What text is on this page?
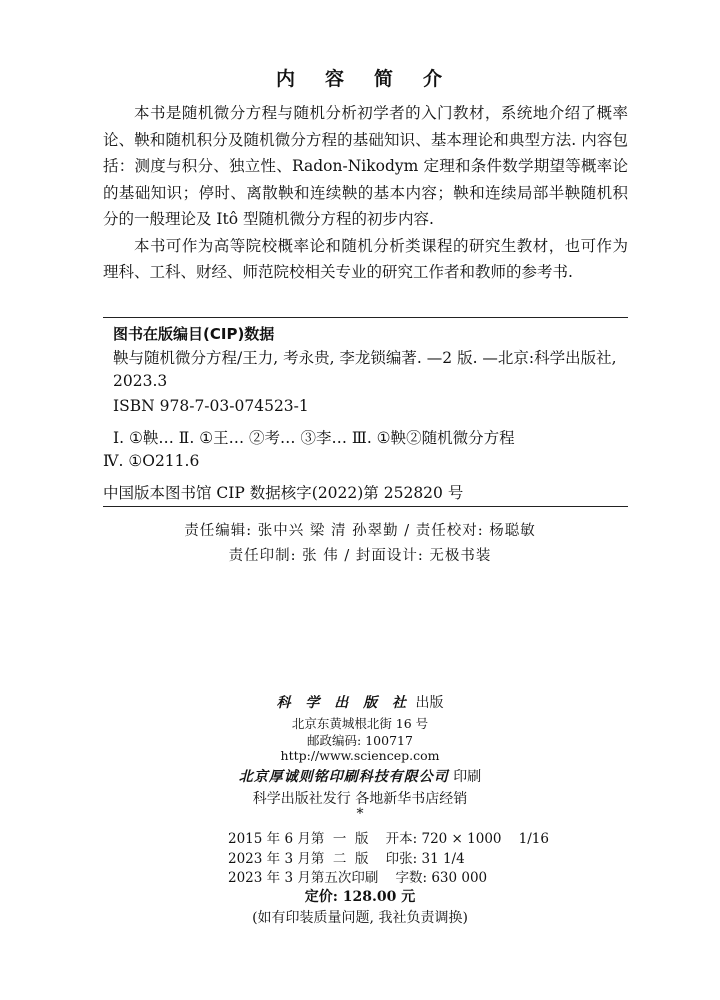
内 容 简 介

本书是随机微分方程与随机分析初学者的入门教材，系统地介绍了概率论、鞅和随机积分及随机微分方程的基础知识、基本理论和典型方法. 内容包括：测度与积分、独立性、Radon-Nikodym 定理和条件数学期望等概率论的基础知识；停时、离散鞅和连续鞅的基本内容；鞅和连续局部半鞅随机积分的一般理论及 Itô 型随机微分方程的初步内容.

本书可作为高等院校概率论和随机分析类课程的研究生教材，也可作为理科、工科、财经、师范院校相关专业的研究工作者和教师的参考书.

图书在版编目(CIP)数据
鞅与随机微分方程/王力, 考永贵, 李龙锁编著. —2 版. —北京:科学出版社,
2023.3
ISBN 978-7-03-074523-1
Ⅰ. ①鞅… Ⅱ. ①王… ②考… ③李… Ⅲ. ①鞅②随机微分方程
Ⅳ. ①O211.6
中国版本图书馆 CIP 数据核字(2022)第 252820 号
责任编辑: 张中兴 梁 清 孙翠勤 / 责任校对: 杨聪敏
责任印制: 张 伟 / 封面设计: 无极书装
科 学 出 版 社 出版
北京东黄城根北街 16 号
邮政编码: 100717
http://www.sciencep.com
北京厚诚则铭印刷科技有限公司 印刷
科学出版社发行 各地新华书店经销
*
2015 年 6 月第  一  版    开本: 720 × 1000    1/16
2023 年 3 月第  二  版    印张: 31 1/4
2023 年 3 月第五次印刷    字数: 630 000
定价: 128.00 元
(如有印装质量问题, 我社负责调换)
